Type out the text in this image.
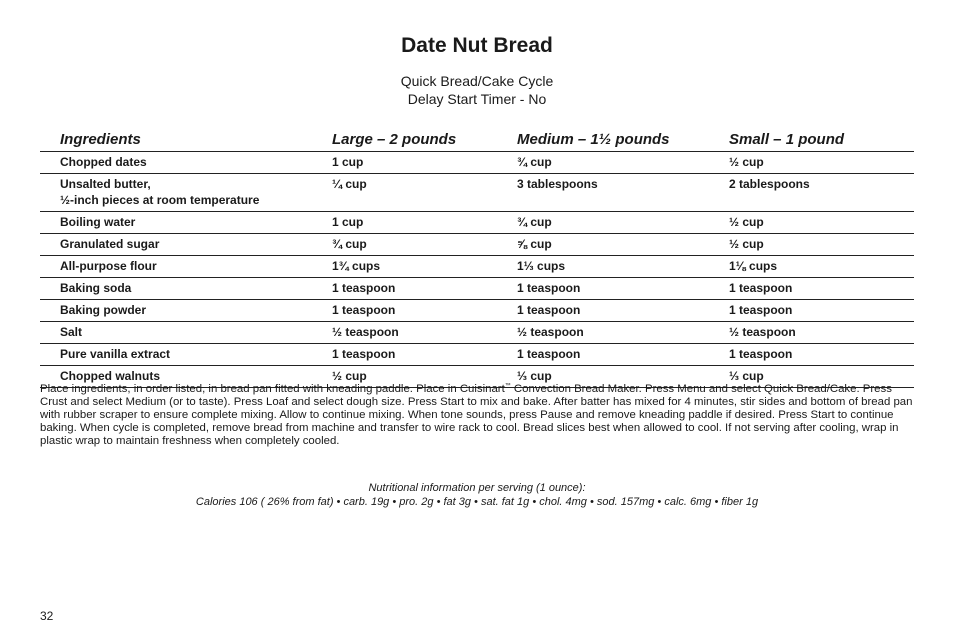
Date Nut Bread
Quick Bread/Cake Cycle
Delay Start Timer - No
Ingredients	Large – 2 pounds	Medium – 1½ pounds	Small – 1 pound
Chopped dates	1 cup	¾ cup	½ cup

Unsalted butter,
½-inch pieces at room temperature	¼ cup	3 tablespoons	2 tablespoons
Boiling water	1 cup	¾ cup	½ cup
Granulated sugar	¾ cup	⅝ cup	½ cup
All-purpose flour	1¾ cups	1⅓ cups	1⅛ cups
Baking soda	1 teaspoon	1 teaspoon	1 teaspoon
Baking powder	1 teaspoon	1 teaspoon	1 teaspoon
Salt	½ teaspoon	½ teaspoon	½ teaspoon
Pure vanilla extract	1 teaspoon	1 teaspoon	1 teaspoon
Chopped walnuts	½ cup	⅓ cup	⅓ cup
Place ingredients, in order listed, in bread pan fitted with kneading paddle. Place in Cuisinart™ Convection Bread Maker. Press Menu and select Quick Bread/Cake. Press Crust and select Medium (or to taste). Press Loaf and select dough size. Press Start to mix and bake. After batter has mixed for 4 minutes, stir sides and bottom of bread pan with rubber scraper to ensure complete mixing. Allow to continue mixing. When tone sounds, press Pause and remove kneading paddle if desired. Press Start to continue baking. When cycle is completed, remove bread from machine and transfer to wire rack to cool. Bread slices best when allowed to cool. If not serving after cooling, wrap in plastic wrap to maintain freshness when completely cooled.
Nutritional information per serving (1 ounce):
Calories 106 ( 26% from fat) • carb. 19g • pro. 2g • fat 3g • sat. fat 1g • chol. 4mg • sod. 157mg • calc. 6mg • fiber 1g
32
